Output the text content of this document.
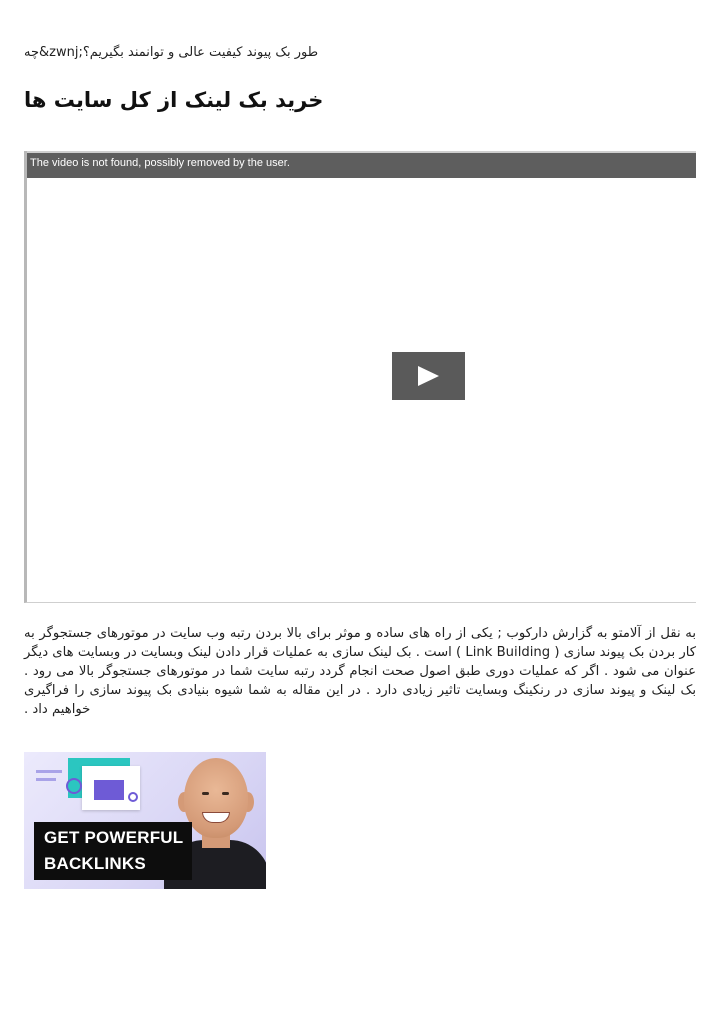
چه&zwnj;طور بک پیوند کیفیت عالی و توانمند بگیریم؟
خرید بک لینک از کل سایت ها
The video is not found, possibly removed by the user.
به نقل از آلامتو به گزارش دارکوب ; یکی از راه های ساده و موثر برای بالا بردن رتبه وب سایت در موتورهای جستجوگر به کار بردن بک پیوند سازی ( Link Building ) است . بک لینک سازی به عملیات قرار دادن لینک وبسایت در وبسایت های دیگر عنوان می شود . اگر که عملیات دوری طبق اصول صحت انجام گردد رتبه سایت شما در موتورهای جستجوگر بالا می رود . بک لینک و پیوند سازی در رنکینگ وبسایت تاثیر زیادی دارد . در این مقاله به شما شیوه بنیادی بک پیوند سازی را فراگیری خواهیم داد .
GET POWERFUL
BACKLINKS
